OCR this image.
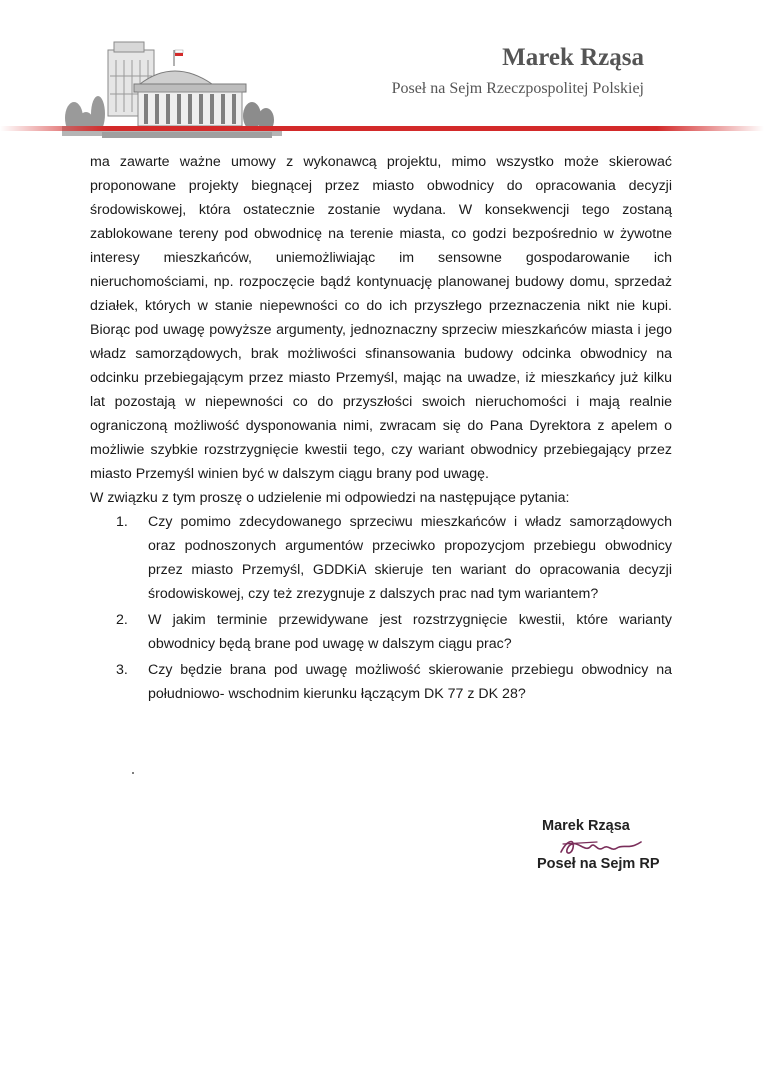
Marek Rząsa
Poseł na Sejm Rzeczpospolitej Polskiej

ma zawarte ważne umowy z wykonawcą projektu, mimo wszystko może skierować proponowane projekty biegnącej przez miasto obwodnicy do opracowania decyzji środowiskowej, która ostatecznie zostanie wydana. W konsekwencji tego zostaną zablokowane tereny pod obwodnicę na terenie miasta, co godzi bezpośrednio w żywotne interesy mieszkańców, uniemożliwiając im sensowne gospodarowanie ich nieruchomościami, np. rozpoczęcie bądź kontynuację planowanej budowy domu, sprzedaż działek, których w stanie niepewności co do ich przyszłego przeznaczenia nikt nie kupi. Biorąc pod uwagę powyższe argumenty, jednoznaczny sprzeciw mieszkańców miasta i jego władz samorządowych, brak możliwości sfinansowania budowy odcinka obwodnicy na odcinku przebiegającym przez miasto Przemyśl, mając na uwadze, iż mieszkańcy już kilku lat pozostają w niepewności co do przyszłości swoich nieruchomości i mają realnie ograniczoną możliwość dysponowania nimi, zwracam się do Pana Dyrektora z apelem o możliwie szybkie rozstrzygnięcie kwestii tego, czy wariant obwodnicy przebiegający przez miasto Przemyśl winien być w dalszym ciągu brany pod uwagę.

W związku z tym proszę o udzielenie mi odpowiedzi na następujące pytania:

1. Czy pomimo zdecydowanego sprzeciwu mieszkańców i władz samorządowych oraz podnoszonych argumentów przeciwko propozycjom przebiegu obwodnicy przez miasto Przemyśl, GDDKiA skieruje ten wariant do opracowania decyzji środowiskowej, czy też zrezygnuje z dalszych prac nad tym wariantem?
2. W jakim terminie przewidywane jest rozstrzygnięcie kwestii, które warianty obwodnicy będą brane pod uwagę w dalszym ciągu prac?
3. Czy będzie brana pod uwagę możliwość skierowanie przebiegu obwodnicy na południowo- wschodnim kierunku łączącym DK 77 z DK 28?
Marek Rząsa
Poseł na Sejm RP
